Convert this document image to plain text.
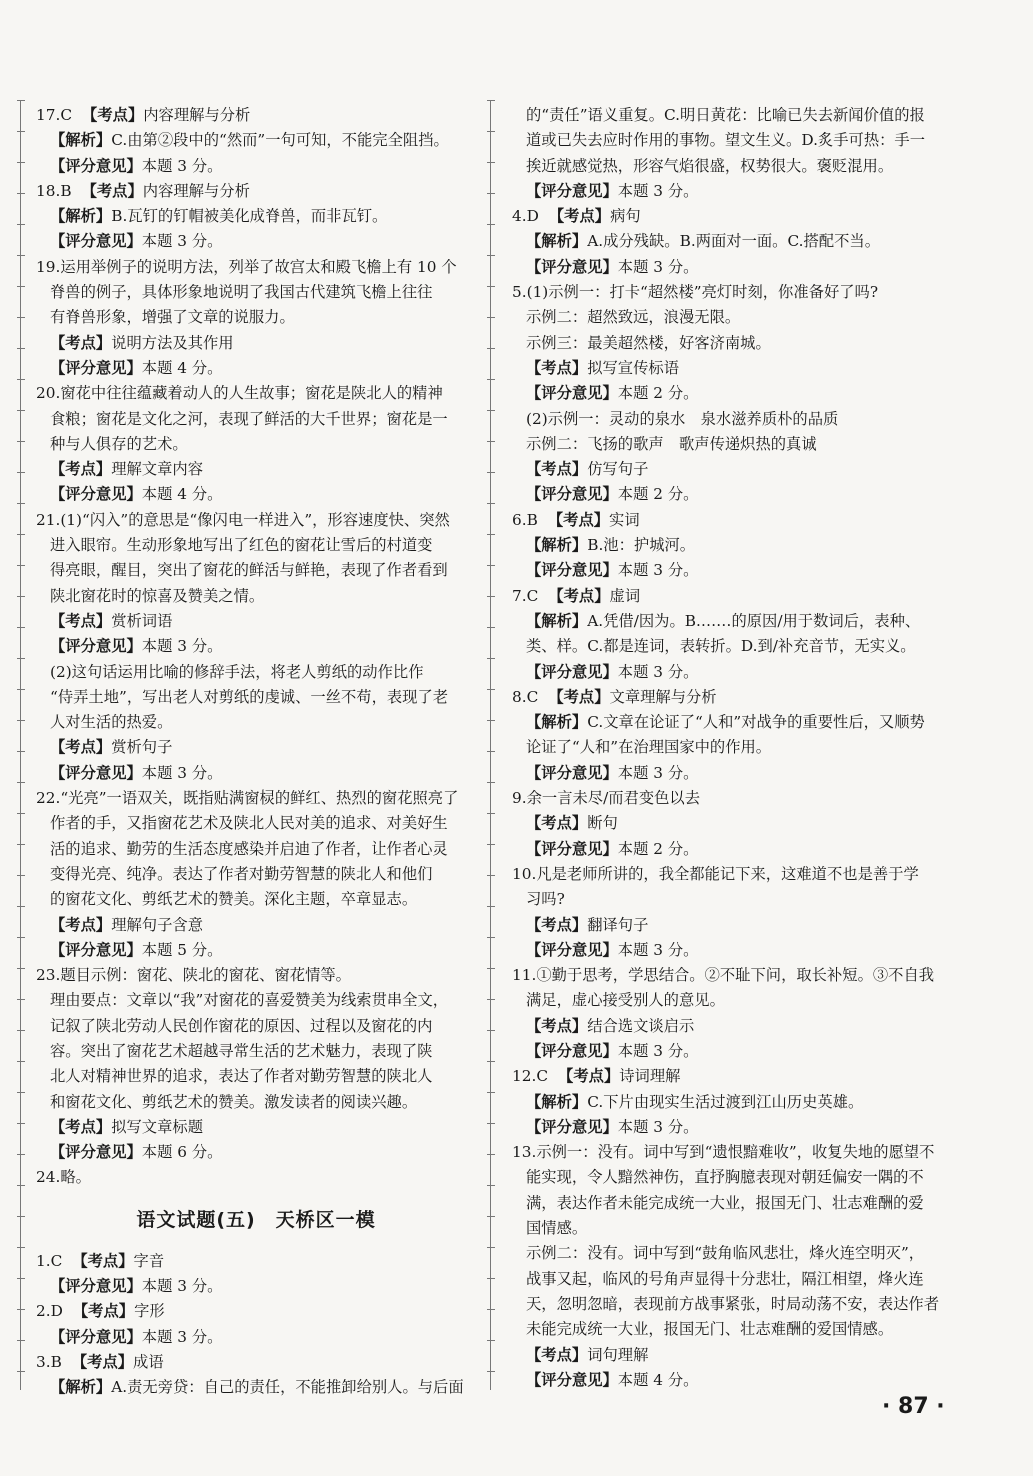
17.C 【考点】内容理解与分析
【解析】C.由第②段中的“然而”一句可知，不能完全阻挡。
【评分意见】本题 3 分。
18.B 【考点】内容理解与分析
【解析】B.瓦钉的钉帽被美化成脊兽，而非瓦钉。
【评分意见】本题 3 分。
19.运用举例子的说明方法，列举了故宫太和殿飞檐上有 10 个
脊兽的例子，具体形象地说明了我国古代建筑飞檐上往往
有脊兽形象，增强了文章的说服力。
【考点】说明方法及其作用
【评分意见】本题 4 分。
20.窗花中往往蕴藏着动人的人生故事；窗花是陕北人的精神
食粮；窗花是文化之河，表现了鲜活的大千世界；窗花是一
种与人俱存的艺术。
【考点】理解文章内容
【评分意见】本题 4 分。
21.(1)“闪入”的意思是“像闪电一样进入”，形容速度快、突然
进入眼帘。生动形象地写出了红色的窗花让雪后的村道变
得亮眼，醒目，突出了窗花的鲜活与鲜艳，表现了作者看到
陕北窗花时的惊喜及赞美之情。
【考点】赏析词语
【评分意见】本题 3 分。
(2)这句话运用比喻的修辞手法，将老人剪纸的动作比作
“侍弄土地”，写出老人对剪纸的虔诚、一丝不苟，表现了老
人对生活的热爱。
【考点】赏析句子
【评分意见】本题 3 分。
22.“光亮”一语双关，既指贴满窗棂的鲜红、热烈的窗花照亮了
作者的手，又指窗花艺术及陕北人民对美的追求、对美好生
活的追求、勤劳的生活态度感染并启迪了作者，让作者心灵
变得光亮、纯净。表达了作者对勤劳智慧的陕北人和他们
的窗花文化、剪纸艺术的赞美。深化主题，卒章显志。
【考点】理解句子含意
【评分意见】本题 5 分。
23.题目示例：窗花、陕北的窗花、窗花情等。
理由要点：文章以“我”对窗花的喜爱赞美为线索贯串全文，
记叙了陕北劳动人民创作窗花的原因、过程以及窗花的内
容。突出了窗花艺术超越寻常生活的艺术魅力，表现了陕
北人对精神世界的追求，表达了作者对勤劳智慧的陕北人
和窗花文化、剪纸艺术的赞美。激发读者的阅读兴趣。
【考点】拟写文章标题
【评分意见】本题 6 分。
24.略。
语文试题(五)　天桥区一模
1.C 【考点】字音
【评分意见】本题 3 分。
2.D 【考点】字形
【评分意见】本题 3 分。
3.B 【考点】成语
【解析】A.责无旁贷：自己的责任，不能推卸给别人。与后面
的“责任”语义重复。C.明日黄花：比喻已失去新闻价值的报
道或已失去应时作用的事物。望文生义。D.炙手可热：手一
挨近就感觉热，形容气焰很盛，权势很大。褒贬混用。
【评分意见】本题 3 分。
4.D 【考点】病句
【解析】A.成分残缺。B.两面对一面。C.搭配不当。
【评分意见】本题 3 分。
5.(1)示例一：打卡“超然楼”亮灯时刻，你准备好了吗?
示例二：超然致远，浪漫无限。
示例三：最美超然楼，好客济南城。
【考点】拟写宣传标语
【评分意见】本题 2 分。
(2)示例一：灵动的泉水　泉水滋养质朴的品质
示例二：飞扬的歌声　歌声传递炽热的真诚
【考点】仿写句子
【评分意见】本题 2 分。
6.B 【考点】实词
【解析】B.池：护城河。
【评分意见】本题 3 分。
7.C 【考点】虚词
【解析】A.凭借/因为。B.……的原因/用于数词后，表种、
类、样。C.都是连词，表转折。D.到/补充音节，无实义。
【评分意见】本题 3 分。
8.C 【考点】文章理解与分析
【解析】C.文章在论证了“人和”对战争的重要性后，又顺势
论证了“人和”在治理国家中的作用。
【评分意见】本题 3 分。
9.余一言未尽/而君变色以去
【考点】断句
【评分意见】本题 2 分。
10.凡是老师所讲的，我全都能记下来，这难道不也是善于学
习吗?
【考点】翻译句子
【评分意见】本题 3 分。
11.①勤于思考，学思结合。②不耻下问，取长补短。③不自我
满足，虚心接受别人的意见。
【考点】结合选文谈启示
【评分意见】本题 3 分。
12.C 【考点】诗词理解
【解析】C.下片由现实生活过渡到江山历史英雄。
【评分意见】本题 3 分。
13.示例一：没有。词中写到“遗恨黯难收”，收复失地的愿望不
能实现，令人黯然神伤，直抒胸臆表现对朝廷偏安一隅的不
满，表达作者未能完成统一大业，报国无门、壮志难酬的爱
国情感。
示例二：没有。词中写到“鼓角临风悲壮，烽火连空明灭”，
战事又起，临风的号角声显得十分悲壮，隔江相望，烽火连
天，忽明忽暗，表现前方战事紧张，时局动荡不安，表达作者
未能完成统一大业，报国无门、壮志难酬的爱国情感。
【考点】词句理解
【评分意见】本题 4 分。
· 87 ·
